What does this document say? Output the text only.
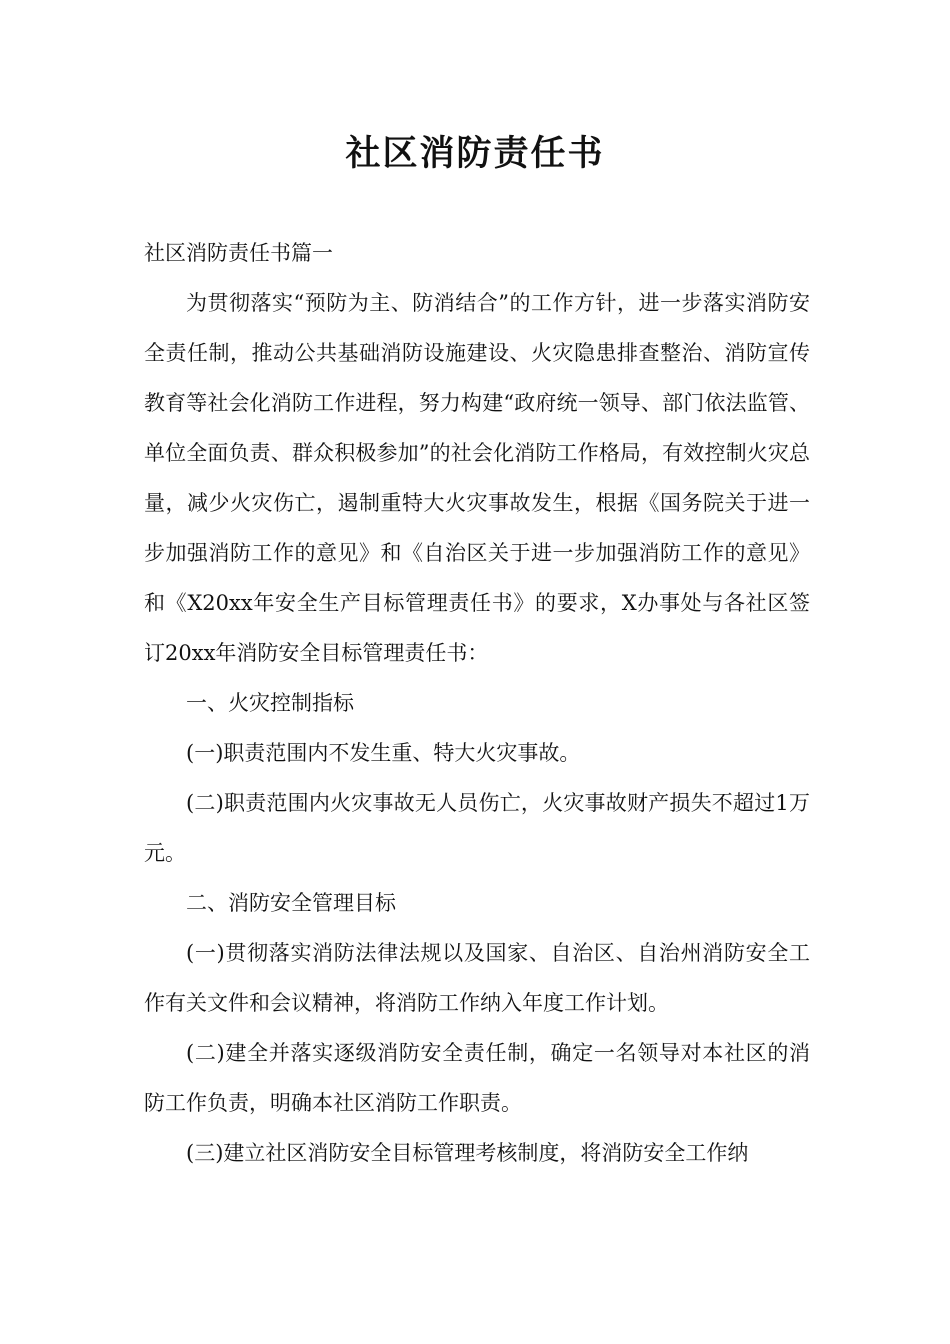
社区消防责任书

社区消防责任书篇一

为贯彻落实“预防为主、防消结合”的工作方针，进一步落实消防安全责任制，推动公共基础消防设施建设、火灾隐患排查整治、消防宣传教育等社会化消防工作进程，努力构建“政府统一领导、部门依法监管、单位全面负责、群众积极参加”的社会化消防工作格局，有效控制火灾总量，减少火灾伤亡，遏制重特大火灾事故发生，根据《国务院关于进一步加强消防工作的意见》和《自治区关于进一步加强消防工作的意见》和《X20xx年安全生产目标管理责任书》的要求，X办事处与各社区签订20xx年消防安全目标管理责任书：

一、火灾控制指标

(一)职责范围内不发生重、特大火灾事故。

(二)职责范围内火灾事故无人员伤亡，火灾事故财产损失不超过1万元。

二、消防安全管理目标

(一)贯彻落实消防法律法规以及国家、自治区、自治州消防安全工作有关文件和会议精神，将消防工作纳入年度工作计划。

(二)建全并落实逐级消防安全责任制，确定一名领导对本社区的消防工作负责，明确本社区消防工作职责。

(三)建立社区消防安全目标管理考核制度，将消防安全工作纳
